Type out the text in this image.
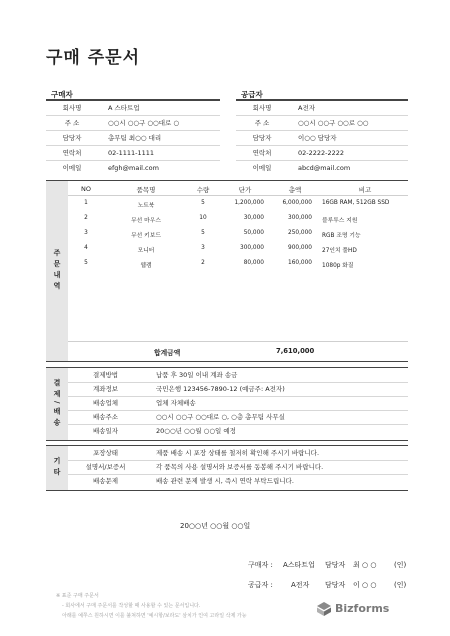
구매 주문서
구매자
회사명	A 스타트업
주 소	○○시 ○○구 ○○대로 ○
담당자	총무팀 최○○ 대리
연락처	02-1111-1111
이메일	efgh@mail.com
공급자
회사명	A전자
주 소	○○시 ○○구 ○○로 ○○
담당자	이○○ 담당자
연락처	02-2222-2222
이메일	abcd@mail.com
주문내역
NO	품목명	수량	단가	총액	비고
1	노트북	5	1,200,000	6,000,000 16GB RAM, 512GB SSD
2	무선 마우스	10	30,000	300,000 블루투스 지원
3	무선 키보드	5	50,000	250,000 RGB 조명 기능
4	모니터	3	300,000	900,000 27인치 풀HD
5	웹캠	2	80,000	160,000 1080p 화질
합계금액	7,610,000
결제/배송
결제방법	납품 후 30일 이내 계좌 송금
계좌정보	국민은행 123456-7890-12 (예금주: A전자)
배송업체	업체 자체배송
배송주소	○○시 ○○구 ○○대로 ○, ○층 총무팀 사무실
배송일자	20○○년 ○○월 ○○일 예정
기타
포장상태	제품 배송 시 포장 상태를 철저히 확인해 주시기 바랍니다.
설명서/보증서	각 품목의 사용 설명서와 보증서를 동봉해 주시기 바랍니다.
배송문제	배송 관련 문제 발생 시, 즉시 연락 부탁드립니다.
20○○년 ○○월 ○○일
구매자 : A스타트업 담당자 최 ○ ○	(인)
공급자 :	A전자 담당자 이 ○ ○	(인)
※ 표준 구매 주문서
- 회사에서 구매 주문서를 작성할 때 사용할 수 있는 문서입니다.
아래를 예쭈스 원하시면 이를 불쳐하면 '예시항/보라도' 삼치가 인여 고라일 삭제 가능
Bizforms
